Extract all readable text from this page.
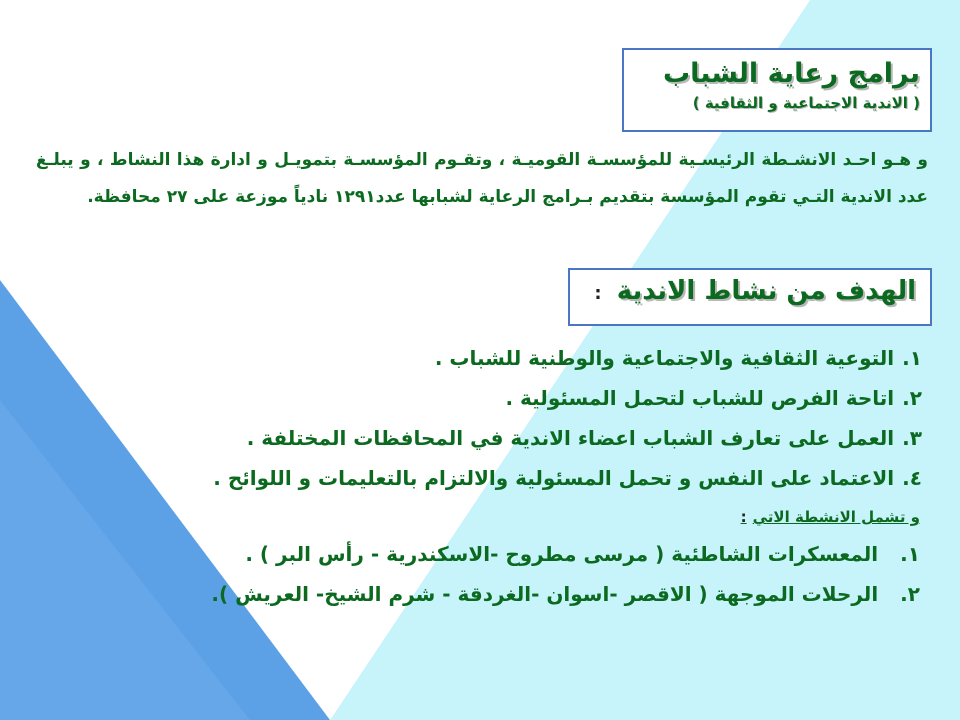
برامج رعاية الشباب
( الاندية الاجتماعية و الثقافية )
و هـو احـد الانشـطة الرئيسـية للمؤسسـة القوميـة ، وتقـوم المؤسسـة بتمويـل و ادارة هذا النشاط ، و يبلـغ عدد الاندية التـي تقوم المؤسسة بتقديم بـرامج الرعاية لشبابها عدد١٢٩١ نادياً موزعة على ٢٧ محافظة.
الهدف من نشاط الاندية :
١.التوعية الثقافية والاجتماعية والوطنية للشباب .
٢.اتاحة الفرص للشباب لتحمل المسئولية .
٣.العمل على تعارف الشباب اعضاء الاندية في المحافظات المختلفة .
٤.الاعتماد على النفس و تحمل المسئولية والالتزام بالتعليمات و اللوائح .
و تشمل الانشطة الاتي:
١.المعسكرات الشاطئية ( مرسى مطروح -الاسكندرية - رأس البر ) .
٢.الرحلات الموجهة ( الاقصر -اسوان -الغردقة - شرم الشيخ- العريش ).
